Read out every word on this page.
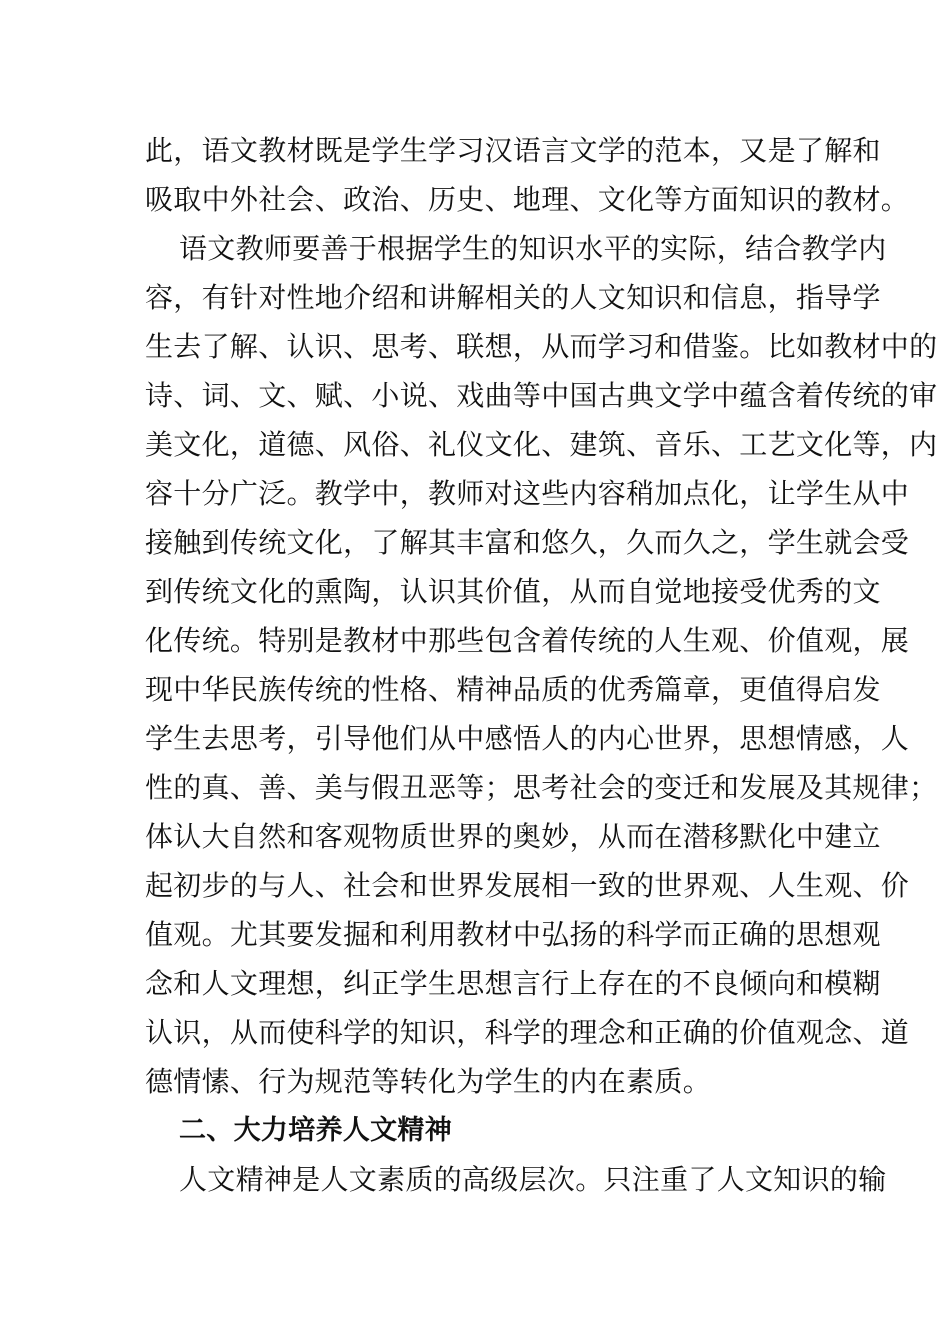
此，语文教材既是学生学习汉语言文学的范本，又是了解和
吸取中外社会、政治、历史、地理、文化等方面知识的教材。
语文教师要善于根据学生的知识水平的实际，结合教学内
容，有针对性地介绍和讲解相关的人文知识和信息，指导学
生去了解、认识、思考、联想，从而学习和借鉴。比如教材中的
诗、词、文、赋、小说、戏曲等中国古典文学中蕴含着传统的审
美文化，道德、风俗、礼仪文化、建筑、音乐、工艺文化等，内
容十分广泛。教学中，教师对这些内容稍加点化，让学生从中
接触到传统文化，了解其丰富和悠久，久而久之，学生就会受
到传统文化的熏陶，认识其价值，从而自觉地接受优秀的文
化传统。特别是教材中那些包含着传统的人生观、价值观，展
现中华民族传统的性格、精神品质的优秀篇章，更值得启发
学生去思考，引导他们从中感悟人的内心世界，思想情感，人
性的真、善、美与假丑恶等；思考社会的变迁和发展及其规律；
体认大自然和客观物质世界的奥妙，从而在潜移默化中建立
起初步的与人、社会和世界发展相一致的世界观、人生观、价
值观。尤其要发掘和利用教材中弘扬的科学而正确的思想观
念和人文理想，纠正学生思想言行上存在的不良倾向和模糊
认识，从而使科学的知识，科学的理念和正确的价值观念、道
德情愫、行为规范等转化为学生的内在素质。
二、大力培养人文精神
人文精神是人文素质的高级层次。只注重了人文知识的输
